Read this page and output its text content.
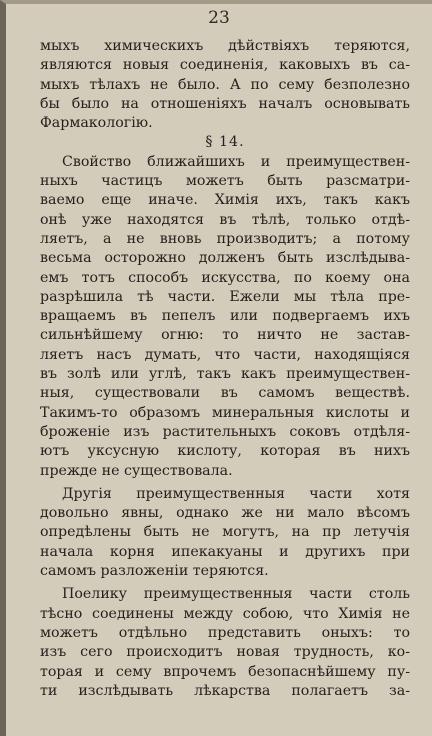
23
мыхъ химическихъ дѣйствіяхъ теряются,
являются новыя соединенія, каковыхъ въ са-
мыхъ тѣлахъ не было. А по сему безполезно
бы было на отношеніяхъ началъ основывать
Фармакологію.
§ 14.
Свойство ближайшихъ и преимуществен-
ныхъ частицъ можетъ быть разсматри-
ваемо еще иначе. Химія ихъ, такъ какъ
онѣ уже находятся въ тѣлѣ, только отдѣ-
ляетъ, а не вновь производитъ; а потому
весьма осторожно долженъ быть изслѣдыва-
емъ тотъ способъ искусства, по коему она
разрѣшила тѣ части. Ежели мы тѣла пре-
вращаемъ въ пепелъ или подвергаемъ ихъ
сильнѣйшему огню: то ничто не застав-
ляетъ насъ думать, что части, находящіяся
въ золѣ или углѣ, такъ какъ преимуществен-
ныя, существовали въ самомъ веществѣ.
Такимъ-то образомъ минеральныя кислоты и
броженіе изъ растительныхъ соковъ отдѣля-
ютъ уксусную кислоту, которая въ нихъ
прежде не существовала.
Другія преимущественныя части хотя
довольно явны, однако же ни мало вѣсомъ
опредѣлены быть не могутъ, на пр летучія
начала корня ипекакуаны и другихъ при
самомъ разложеніи теряются.
Поелику преимущественныя части столь
тѣсно соединены между собою, что Химія не
можетъ отдѣльно представить оныхъ: то
изъ сего происходитъ новая трудность, ко-
торая и сему впрочемъ безопаснѣйшему пу-
ти изслѣдывать лѣкарства полагаетъ за-
